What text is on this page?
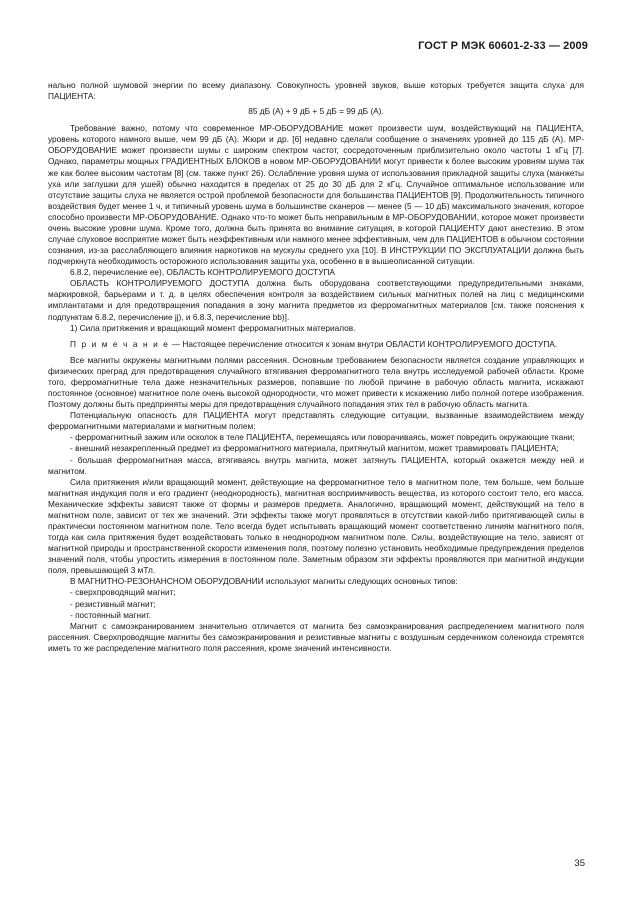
ГОСТ Р МЭК 60601-2-33 — 2009

нально полной шумовой энергии по всему диапазону. Совокупность уровней звуков, выше которых требуется защита слуха для ПАЦИЕНТА:

85 дБ (A) + 9 дБ + 5 дБ = 99 дБ (A).

Требование важно, потому что современное МР-ОБОРУДОВАНИЕ может произвести шум, воздействующий на ПАЦИЕНТА, уровень которого намного выше, чем 99 дБ (А). Жюри и др. [6] недавно сделали сообщение о значениях уровней до 115 дБ (А). МР-ОБОРУДОВАНИЕ может произвести шумы с широким спектром частот, сосредоточенным приблизительно около частоты 1 кГц [7]. Однако, параметры мощных ГРАДИЕНТНЫХ БЛОКОВ в новом МР-ОБОРУДОВАНИИ могут привести к более высоким уровням шума так же как более высоким частотам [8] (см. также пункт 26). Ослабление уровня шума от использования прикладной защиты слуха (манжеты уха или заглушки для ушей) обычно находится в пределах от 25 до 30 дБ для 2 кГц. Случайное оптимальное использование или отсутствие защиты слуха не является острой проблемой безопасности для большинства ПАЦИЕНТОВ [9]. Продолжительность типичного воздействия будет менее 1 ч, и типичный уровень шума в большинстве сканеров — менее (5 — 10 дБ) максимального значения, которое способно произвести МР-ОБОРУДОВАНИЕ. Однако что-то может быть неправильным в МР-ОБОРУДОВАНИИ, которое может произвести очень высокие уровни шума. Кроме того, должна быть принята во внимание ситуация, в которой ПАЦИЕНТУ дают анестезию. В этом случае слуховое восприятие может быть неэффективным или намного менее эффективным, чем для ПАЦИЕНТОВ в обычном состоянии сознания, из-за расслабляющего влияния наркотиков на мускулы среднего уха [10]. В ИНСТРУКЦИИ ПО ЭКСПЛУАТАЦИИ должна быть подчеркнута необходимость осторожного использования защиты уха, особенно в в вышеописанной ситуации.

6.8.2, перечисление ее), ОБЛАСТЬ КОНТРОЛИРУЕМОГО ДОСТУПА

ОБЛАСТЬ КОНТРОЛИРУЕМОГО ДОСТУПА должна быть оборудована соответствующими предупредительными знаками, маркировкой, барьерами и т. д. в целях обеспечения контроля за воздействием сильных магнитных полей на лиц с медицинскими имплантатами и для предотвращения попадания в зону магнита предметов из ферромагнитных материалов [см. также пояснения к подпунктам 6.8.2, перечисление jj), и 6.8.3, перечисление bb)].

1) Сила притяжения и вращающий момент ферромагнитных материалов.

П р и м е ч а н и е — Настоящее перечисление относится к зонам внутри ОБЛАСТИ КОНТРОЛИРУЕМОГО ДОСТУПА.

Все магниты окружены магнитными полями рассеяния. Основным требованием безопасности является создание управляющих и физических преград для предотвращения случайного втягивания ферромагнитного тела внутрь исследуемой рабочей области. Кроме того, ферромагнитные тела даже незначительных размеров, попавшие по любой причине в рабочую область магнита, искажают постоянное (основное) магнитное поле очень высокой однородности, что может привести к искажению либо полной потере изображения. Поэтому должны быть предприняты меры для предотвращения случайного попадания этих тел в рабочую область магнита.

Потенциальную опасность для ПАЦИЕНТА могут представлять следующие ситуации, вызванные взаимодействием между ферромагнитными материалами и магнитным полем:

- ферромагнитный зажим или осколок в теле ПАЦИЕНТА, перемещаясь или поворачиваясь, может повредить окружающие ткани;

- внешний незакрепленный предмет из ферромагнитного материала, притянутый магнитом, может травмировать ПАЦИЕНТА;

- большая ферромагнитная масса, втягиваясь внутрь магнита, может затянуть ПАЦИЕНТА, который окажется между ней и магнитом.

Сила притяжения и/или вращающий момент, действующие на ферромагнитное тело в магнитном поле, тем больше, чем больше магнитная индукция поля и его градиент (неоднородность), магнитная восприимчивость вещества, из которого состоит тело, его масса. Механические эффекты зависят также от формы и размеров предмета. Аналогично, вращающий момент, действующий на тело в магнитном поле, зависит от тех же значений. Эти эффекты также могут проявляться в отсутствии какой-либо притягивающей силы в практически постоянном магнитном поле. Тело всегда будет испытывать вращающий момент соответственно линиям магнитного поля, тогда как сила притяжения будет воздействовать только в неоднородном магнитном поле. Силы, воздействующие на тело, зависят от магнитной природы и пространственной скорости изменения поля, поэтому полезно установить необходимые предупреждения пределов значений поля, чтобы упростить измерения в постоянном поле. Заметным образом эти эффекты проявляются при магнитной индукции поля, превышающей 3 мТл.

В МАГНИТНО-РЕЗОНАНСНОМ ОБОРУДОВАНИИ используют магниты следующих основных типов:

- сверхпроводящий магнит;

- резистивный магнит;

- постоянный магнит.

Магнит с самоэкранированием значительно отличается от магнита без самоэкранирования распределением магнитного поля рассеяния. Сверхпроводящие магниты без самоэкранирования и резистивные магниты с воздушным сердечником соленоида стремятся иметь то же распределение магнитного поля рассеяния, кроме значений интенсивности.

35
